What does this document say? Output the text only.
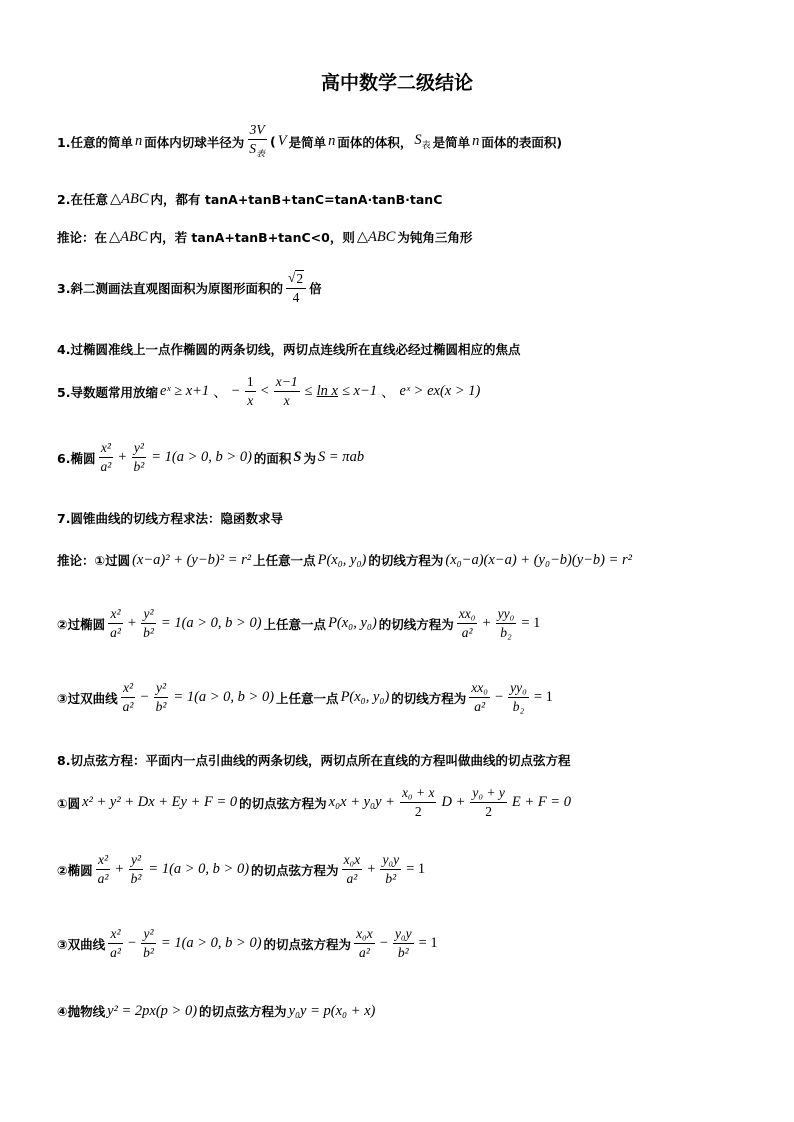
高中数学二级结论
1.任意的简单 n 面体内切球半径为 $\frac{3V}{S_表}$ ( V 是简单 n 面体的体积， $S_表$ 是简单 n 面体的表面积)
2.在任意 △ABC 内，都有 tanA+tanB+tanC=tanA·tanB·tanC
推论：在 △ABC 内，若 tanA+tanB+tanC<0，则 △ABC 为钝角三角形
3.斜二测画法直观图面积为原图形面积的 $\frac{√ 2}{4}$ 倍
4.过椭圆准线上一点作椭圆的两条切线，两切点连线所在直线必经过椭圆相应的焦点
5.导数题常用放缩 eˣ ≥ x+1 、 − $\frac{1}{x} < \frac{x-1}{x} \le \ln x \le x-1$ 、 eˣ > ex(x > 1)
6.椭圆 $\frac{\text{x²}}{\text{a²}} + \frac{\text{y²}}{\text{b²}} = 1(a > 0$, b > 0) 的面积 S 为 S = πab
7.圆锥曲线的切线方程求法：隐函数求导
推论：①过圆 (x−a)² + (y−b)² = r² 上任意一点 P(x₀, y₀) 的切线方程为 (x₀−a)(x−a) + (y₀−b)(y−b) = r²
②过椭圆 $\frac{\text{x²}}{\text{a²}} + \frac{\text{y²}}{\text{b²}} = 1(a > 0$, b > 0) 上任意一点 P(x₀, y₀) 的切线方程为 $\frac{\text{xx₀}}{\text{a²}} + \frac{\text{yy₀}}{\text{b₂}} = 1$
③过双曲线 $\frac{\text{x²}}{\text{a²}} - \frac{\text{y²}}{\text{b²}} = 1(a > 0$, b > 0) 上任意一点 P(x₀, y₀) 的切线方程为 $\frac{\text{xx₀}}{\text{a²}} - \frac{\text{yy₀}}{\text{b₂}} = 1$
8.切点弦方程：平面内一点引曲线的两条切线，两切点所在直线的方程叫做曲线的切点弦方程
①圆 x² + y² + Dx + Ey + F = 0 的切点弦方程为 $x_0x + y_0y + \frac{\text{x₀ + x}}{2}$ $D + \frac{\text{y₀ + y}}{2}$ E + F = 0
②椭圆 $\frac{\text{x²}}{\text{a²}} + \frac{\text{y²}}{\text{b²}} = 1(a > 0$, b > 0) 的切点弦方程为 $\frac{\text{x₀x}}{\text{a²}} + \frac{\text{y₀y}}{\text{b²}} = 1$
③双曲线 $\frac{\text{x²}}{\text{a²}} - \frac{\text{y²}}{\text{b²}} = 1(a > 0$, b > 0) 的切点弦方程为 $\frac{\text{x₀x}}{\text{a²}} - \frac{\text{y₀y}}{\text{b²}} = 1$
④抛物线 y² = 2px(p > 0) 的切点弦方程为 y₀y = p(x₀ + x)
